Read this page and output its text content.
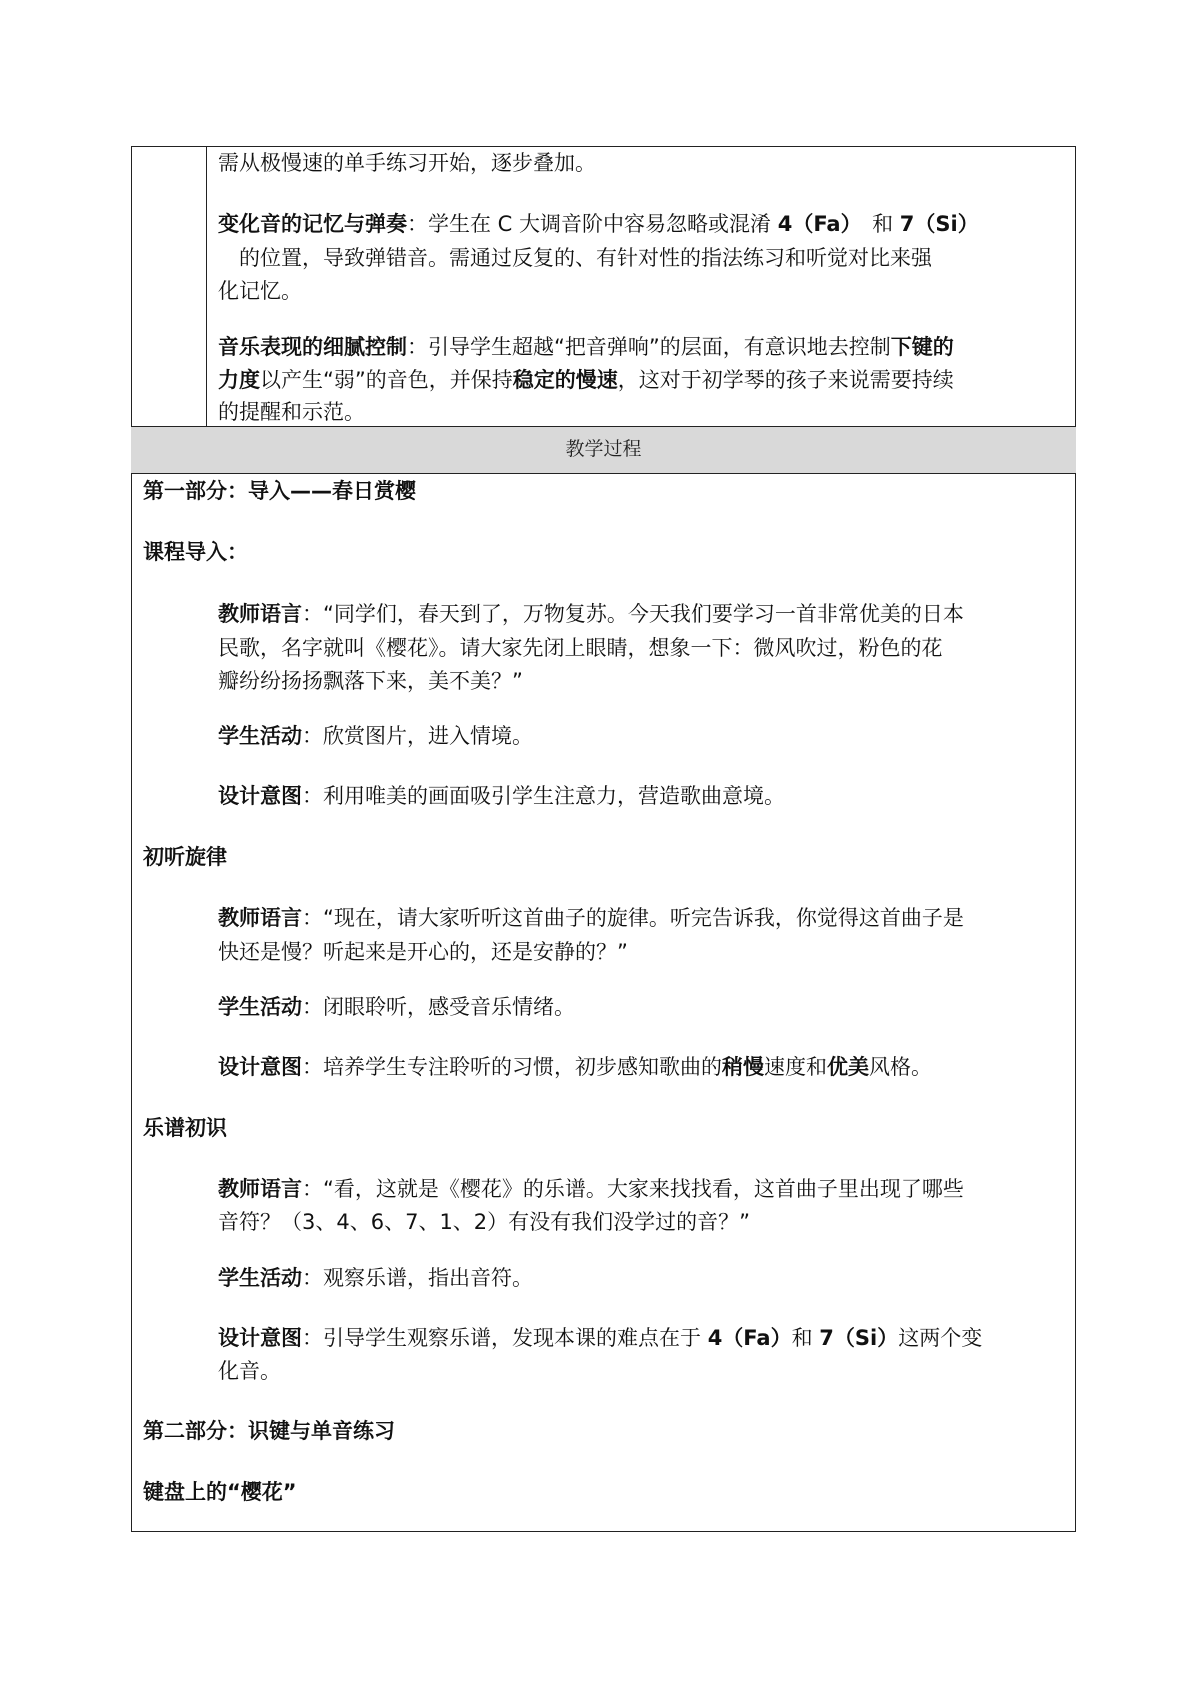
需从极慢速的单手练习开始，逐步叠加。
变化音的记忆与弹奏：学生在 C 大调音阶中容易忽略或混淆 4（Fa）　和 7（Si）
　的位置，导致弹错音。需通过反复的、有针对性的指法练习和听觉对比来强
化记忆。
音乐表现的细腻控制：引导学生超越“把音弹响”的层面，有意识地去控制下键的
力度以产生“弱”的音色，并保持稳定的慢速，这对于初学琴的孩子来说需要持续
的提醒和示范。
教学过程
第一部分：导入——春日赏樱
课程导入：
教师语言：“同学们，春天到了，万物复苏。今天我们要学习一首非常优美的日本
民歌，名字就叫《樱花》。请大家先闭上眼睛，想象一下：微风吹过，粉色的花
瓣纷纷扬扬飘落下来，美不美？”
学生活动：欣赏图片，进入情境。
设计意图：利用唯美的画面吸引学生注意力，营造歌曲意境。
初听旋律
教师语言：“现在，请大家听听这首曲子的旋律。听完告诉我，你觉得这首曲子是
快还是慢？听起来是开心的，还是安静的？”
学生活动：闭眼聆听，感受音乐情绪。
设计意图：培养学生专注聆听的习惯，初步感知歌曲的稍慢速度和优美风格。
乐谱初识
教师语言：“看，这就是《樱花》的乐谱。大家来找找看，这首曲子里出现了哪些
音符？（3、4、6、7、1、2）有没有我们没学过的音？”
学生活动：观察乐谱，指出音符。
设计意图：引导学生观察乐谱，发现本课的难点在于 4（Fa）和 7（Si）这两个变
化音。
第二部分：识键与单音练习
键盘上的“樱花”
